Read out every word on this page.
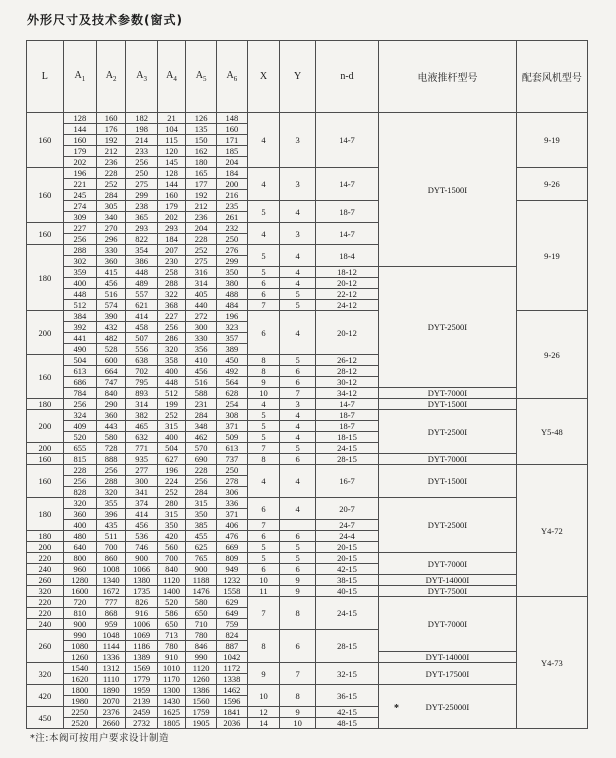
外形尺寸及技术参数(窗式)
L	$A_1$	$A_2$	$A_3$	$A_4$	$A_5$	$A_6$	X	Y	n-d	电液推杆型号	配套风机型号
160	128	160	182	21	126	148	4	3	14-7	DYT-1500I	9-19
	144	176	198	104	135	160					
	160	192	214	115	150	171					
	179	212	233	120	162	185					
	202	236	256	145	180	204					
160	196	228	250	128	165	184	4	3	14-7		9-26
	221	252	275	144	177	200					
	245	284	299	160	192	216					
	274	305	238	179	212	235	5	4	18-7		9-19
	309	340	365	202	236	261					
160	227	270	293	293	204	232	4	3	14-7		
	256	296	822	184	228	250					
180	288	330	354	207	252	276	5	4	18-4		
	302	360	386	230	275	299					
	359	415	448	258	316	350	5	4	18-12	DYT-2500I	
	400	456	489	288	314	380	6	4	20-12		
	448	516	557	322	405	488	6	5	22-12		
	512	574	621	368	440	484	7	5	24-12		
200	384	390	414	227	272	196	6	4	20-12		9-26
	392	432	458	256	300	323					
	441	482	507	286	330	357					
	490	528	556	320	356	389					
160	504	600	638	358	410	450	8	5	26-12		
	613	664	702	400	456	492	8	6	28-12		
	686	747	795	448	516	564	9	6	30-12		
	784	840	893	512	588	628	10	7	34-12	DYT-7000I	
180	256	290	314	199	231	254	4	3	14-7	DYT-1500I	Y5-48
200	324	360	382	252	284	308	5	4	18-7	DYT-2500I	
	409	443	465	315	348	371	5	4	18-7		
	520	580	632	400	462	509	5	4	18-15		
200	655	728	771	504	570	613	7	5	24-15		
160	815	888	935	627	690	737	8	6	28-15	DYT-7000I	
160	228	256	277	196	228	250	4	4	16-7	DYT-1500I	Y4-72
	256	288	300	224	256	278					
	828	320	341	252	284	306					
180	320	355	374	280	315	336	6	4	20-7	DYT-2500I	
	360	396	414	315	350	371					
	400	435	456	350	385	406	7		24-7		
180	480	511	536	420	455	476	6	6	24-4		
200	640	700	746	560	625	669	5	5	20-15		
220	800	860	900	700	765	809	5	5	20-15	DYT-7000I	
240	960	1008	1066	840	900	949	6	6	42-15		
260	1280	1340	1380	1120	1188	1232	10	9	38-15	DYT-14000I	
320	1600	1672	1735	1400	1476	1558	11	9	40-15	DYT-7500I	
220	720	777	826	520	580	629	7	8	24-15	DYT-7000I	Y4-73
220	810	868	916	586	650	649					
240	900	959	1006	650	710	759					
260	990	1048	1069	713	780	824	8	6	28-15		
	1080	1144	1186	780	846	887					
	1260	1336	1389	910	990	1042				DYT-14000I	
320	1540	1312	1569	1010	1120	1172	9	7	32-15	DYT-17500I	
	1620	1110	1779	1170	1260	1338					
420	1800	1890	1959	1300	1386	1462	10	8	36-15	DYT-25000I	
	1980	2070	2139	1430	1560	1596					
450	2250	2376	2459	1625	1759	1841	12	9	42-15		
	2520	2660	2732	1805	1905	2036	14	10	48-15		
*
*注:本阀可按用户要求设计制造
